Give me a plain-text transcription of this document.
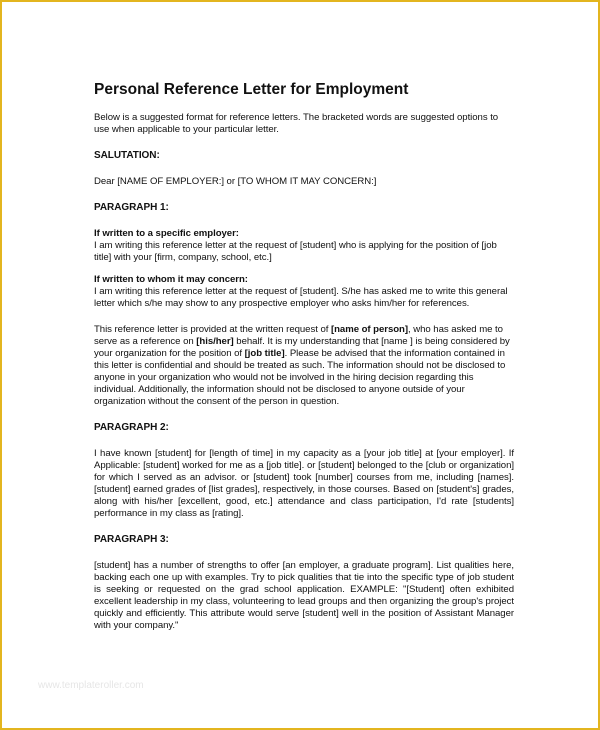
Personal Reference Letter for Employment

Below is a suggested format for reference letters. The bracketed words are suggested options to use when applicable to your particular letter.

SALUTATION:

Dear [NAME OF EMPLOYER:] or [TO WHOM IT MAY CONCERN:]

PARAGRAPH 1:

If written to a specific employer:

I am writing this reference letter at the request of [student] who is applying for the position of [job title] with your [firm, company, school, etc.]

If written to whom it may concern:

I am writing this reference letter at the request of [student]. S/he has asked me to write this general letter which s/he may show to any prospective employer who asks him/her for references.

This reference letter is provided at the written request of [name of person], who has asked me to serve as a reference on [his/her] behalf. It is my understanding that [name ] is being considered by your organization for the position of [job title]. Please be advised that the information contained in this letter is confidential and should be treated as such. The information should not be disclosed to anyone in your organization who would not be involved in the hiring decision regarding this individual. Additionally, the information should not be disclosed to anyone outside of your organization without the consent of the person in question.

PARAGRAPH 2:

I have known [student] for [length of time] in my capacity as a [your job title] at [your employer]. If Applicable: [student] worked for me as a [job title]. or [student] belonged to the [club or organization] for which I served as an advisor. or [student] took [number] courses from me, including [names]. [student] earned grades of [list grades], respectively, in those courses. Based on [student's] grades, along with his/her [excellent, good, etc.] attendance and class participation, I'd rate [students] performance in my class as [rating].

PARAGRAPH 3:

[student] has a number of strengths to offer [an employer, a graduate program]. List qualities here, backing each one up with examples. Try to pick qualities that tie into the specific type of job student is seeking or requested on the grad school application. EXAMPLE: "[Student] often exhibited excellent leadership in my class, volunteering to lead groups and then organizing the group's project quickly and efficiently. This attribute would serve [student] well in the position of Assistant Manager with your company."

www.templateroller.com
